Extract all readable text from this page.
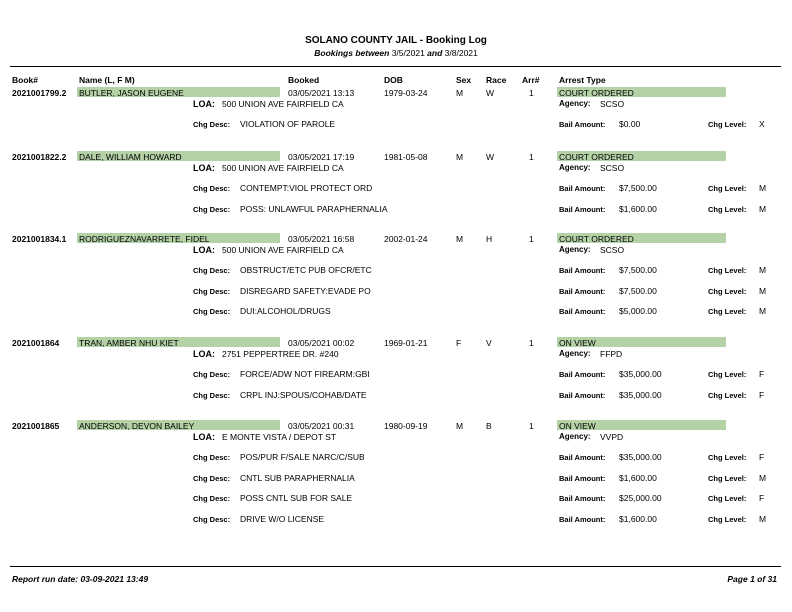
SOLANO COUNTY JAIL - Booking Log
Bookings between 3/5/2021 and 3/8/2021
Book#	Name (L, F M)	Booked	DOB	Sex Race Arr# Arrest Type
2021001799.2 BUTLER, JASON EUGENE	03/05/2021 13:13	1979-03-24	M	W	1	COURT ORDERED
LOA: 500 UNION AVE FAIRFIELD CA	Agency: SCSO
Chg Desc: VIOLATION OF PAROLE	Bail Amount: $0.00	Chg Level: X
2021001822.2 DALE, WILLIAM HOWARD	03/05/2021 17:19	1981-05-08	M	W	1	COURT ORDERED
LOA: 500 UNION AVE FAIRFIELD CA	Agency: SCSO
Chg Desc: CONTEMPT:VIOL PROTECT ORD	Bail Amount: $7,500.00	Chg Level: M
Chg Desc: POSS: UNLAWFUL PARAPHERNALIA	Bail Amount: $1,600.00	Chg Level: M
2021001834.1 RODRIGUEZNAVARRETE, FIDEL	03/05/2021 16:58	2002-01-24	M	H	1	COURT ORDERED
LOA: 500 UNION AVE FAIRFIELD CA	Agency: SCSO
Chg Desc: OBSTRUCT/ETC PUB OFCR/ETC	Bail Amount: $7,500.00	Chg Level: M
Chg Desc: DISREGARD SAFETY:EVADE PO	Bail Amount: $7,500.00	Chg Level: M
Chg Desc: DUI:ALCOHOL/DRUGS	Bail Amount: $5,000.00	Chg Level: M
2021001864 TRAN, AMBER NHU KIET	03/05/2021 00:02	1969-01-21	F	V	1	ON VIEW
LOA: 2751 PEPPERTREE DR. #240	Agency: FFPD
Chg Desc: FORCE/ADW NOT FIREARM:GBI	Bail Amount: $35,000.00	Chg Level: F
Chg Desc: CRPL INJ:SPOUS/COHAB/DATE	Bail Amount: $35,000.00	Chg Level: F
2021001865 ANDERSON, DEVON BAILEY	03/05/2021 00:31	1980-09-19	M	B	1	ON VIEW
LOA: E MONTE VISTA / DEPOT ST	Agency: VVPD
Chg Desc: POS/PUR F/SALE NARC/C/SUB	Bail Amount: $35,000.00	Chg Level: F
Chg Desc: CNTL SUB PARAPHERNALIA	Bail Amount: $1,600.00	Chg Level: M
Chg Desc: POSS CNTL SUB FOR SALE	Bail Amount: $25,000.00	Chg Level: F
Chg Desc: DRIVE W/O LICENSE	Bail Amount: $1,600.00	Chg Level: M
Report run date: 03-09-2021 13:49	Page 1 of 31
